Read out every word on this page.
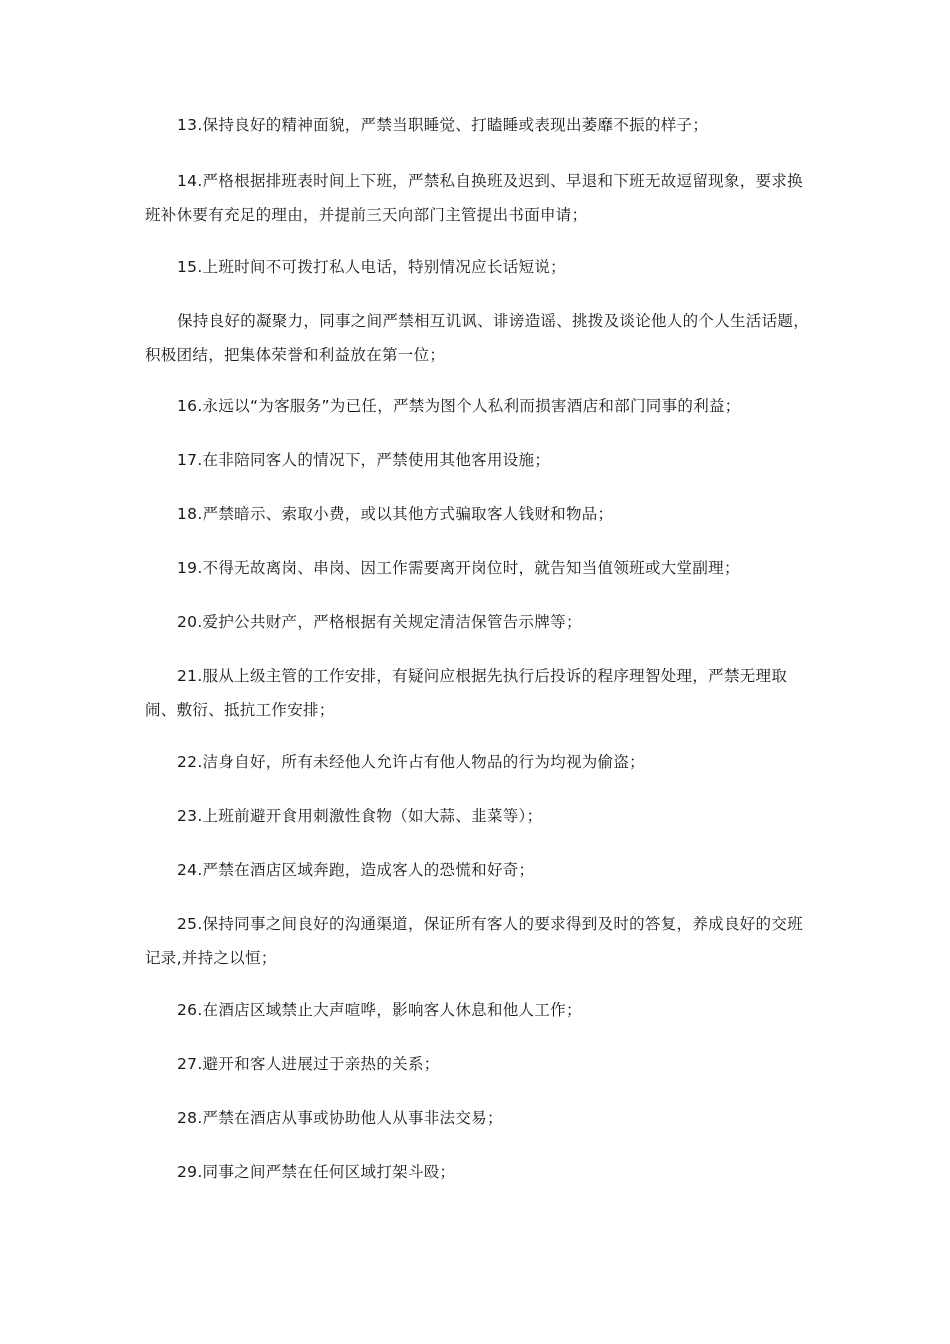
13.保持良好的精神面貌，严禁当职睡觉、打瞌睡或表现出萎靡不振的样子；

14.严格根据排班表时间上下班，严禁私自换班及迟到、早退和下班无故逗留现象，要求换班补休要有充足的理由，并提前三天向部门主管提出书面申请；

15.上班时间不可拨打私人电话，特别情况应长话短说；

保持良好的凝聚力，同事之间严禁相互讥讽、诽谤造谣、挑拨及谈论他人的个人生活话题，积极团结，把集体荣誉和利益放在第一位；

16.永远以“为客服务”为已任，严禁为图个人私利而损害酒店和部门同事的利益；

17.在非陪同客人的情况下，严禁使用其他客用设施；

18.严禁暗示、索取小费，或以其他方式骗取客人钱财和物品；

19.不得无故离岗、串岗、因工作需要离开岗位时，就告知当值领班或大堂副理；

20.爱护公共财产，严格根据有关规定清洁保管告示牌等；

21.服从上级主管的工作安排，有疑问应根据先执行后投诉的程序理智处理，严禁无理取闹、敷衍、抵抗工作安排；

22.洁身自好，所有未经他人允许占有他人物品的行为均视为偷盗；

23.上班前避开食用刺激性食物（如大蒜、韭菜等）；

24.严禁在酒店区域奔跑，造成客人的恐慌和好奇；

25.保持同事之间良好的沟通渠道，保证所有客人的要求得到及时的答复，养成良好的交班记录,并持之以恒；

26.在酒店区域禁止大声喧哗，影响客人休息和他人工作；

27.避开和客人进展过于亲热的关系；

28.严禁在酒店从事或协助他人从事非法交易；

29.同事之间严禁在任何区域打架斗殴；
